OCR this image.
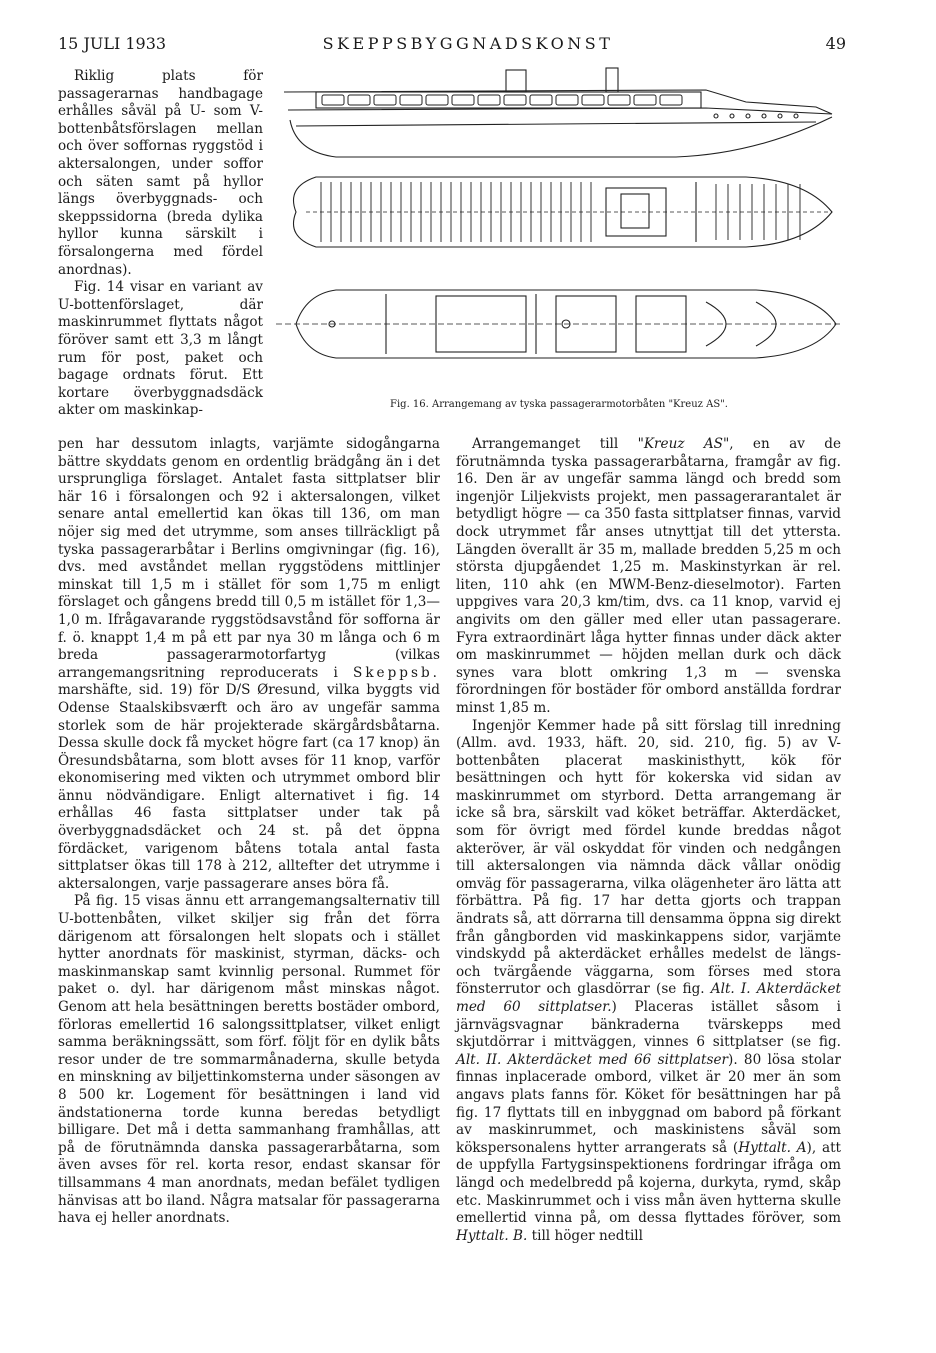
15 JULI 1933	SKEPPSBYGGNADSKONST	49

Riklig plats för passagerarnas handbagage erhålles såväl på U- som V-bottenbåtsförslagen mellan och över soffornas ryggstöd i aktersalongen, under soffor och säten samt på hyllor längs överbyggnads- och skeppssidorna (breda dylika hyllor kunna särskilt i försalongerna med fördel anordnas).

Fig. 14 visar en variant av U-bottenförslaget, där maskinrummet flyttats något föröver samt ett 3,3 m långt rum för post, paket och bagage ordnats förut. Ett kortare överbyggnadsdäck akter om maskinkap-	Fig. 16. Arrangemang av tyska passagerarmotorbåten "Kreuz AS".

pen har dessutom inlagts, varjämte sidogångarna bättre skyddats genom en ordentlig brädgång än i det ursprungliga förslaget. Antalet fasta sittplatser blir här 16 i försalongen och 92 i aktersalongen, vilket senare antal emellertid kan ökas till 136, om man nöjer sig med det utrymme, som anses tillräckligt på tyska passagerarbåtar i Berlins omgivningar (fig. 16), dvs. med avståndet mellan ryggstödens mittlinjer minskat till 1,5 m i stället för som 1,75 m enligt förslaget och gångens bredd till 0,5 m istället för 1,3—1,0 m. Ifrågavarande ryggstödsavstånd för sofforna är f. ö. knappt 1,4 m på ett par nya 30 m långa och 6 m breda passagerarmotorfartyg (vilkas arrangemangsritning reproducerats i Skeppsb. marshäfte, sid. 19) för D/S Øresund, vilka byggts vid Odense Staalskibsværft och äro av ungefär samma storlek som de här projekterade skärgårdsbåtarna. Dessa skulle dock få mycket högre fart (ca 17 knop) än Öresundsbåtarna, som blott avses för 11 knop, varför ekonomisering med vikten och utrymmet ombord blir ännu nödvändigare. Enligt alternativet i fig. 14 erhållas 46 fasta sittplatser under tak på överbyggnadsdäcket och 24 st. på det öppna fördäcket, varigenom båtens totala antal fasta sittplatser ökas till 178 à 212, alltefter det utrymme i aktersalongen, varje passagerare anses böra få.

På fig. 15 visas ännu ett arrangemangsalternativ till U-bottenbåten, vilket skiljer sig från det förra därigenom att försalongen helt slopats och i stället hytter anordnats för maskinist, styrman, däcks- och maskinmanskap samt kvinnlig personal. Rummet för paket o. dyl. har därigenom måst minskas något. Genom att hela besättningen beretts bostäder ombord, förloras emellertid 16 salongssittplatser, vilket enligt samma beräkningssätt, som förf. följt för en dylik båts resor under de tre sommarmånaderna, skulle betyda en minskning av biljettinkomsterna under säsongen av 8 500 kr. Logement för besättningen i land vid ändstationerna torde kunna beredas betydligt billigare. Det må i detta sammanhang framhållas, att på de förutnämnda danska passagerarbåtarna, som även avses för rel. korta resor, endast skansar för tillsammans 4 man anordnats, medan befälet tydligen hänvisas att bo iland. Några matsalar för passagerarna hava ej heller anordnats.

Arrangemanget till "Kreuz AS", en av de förutnämnda tyska passagerarbåtarna, framgår av fig. 16. Den är av ungefär samma längd och bredd som ingenjör Liljekvists projekt, men passagerarantalet är betydligt högre — ca 350 fasta sittplatser finnas, varvid dock utrymmet får anses utnyttjat till det yttersta. Längden överallt är 35 m, mallade bredden 5,25 m och största djupgåendet 1,25 m. Maskinstyrkan är rel. liten, 110 ahk (en MWM-Benz-dieselmotor). Farten uppgives vara 20,3 km/tim, dvs. ca 11 knop, varvid ej angivits om den gäller med eller utan passagerare. Fyra extraordinärt låga hytter finnas under däck akter om maskinrummet — höjden mellan durk och däck synes vara blott omkring 1,3 m — svenska förordningen för bostäder för ombord anställda fordrar minst 1,85 m.

Ingenjör Kemmer hade på sitt förslag till inredning (Allm. avd. 1933, häft. 20, sid. 210, fig. 5) av V-bottenbåten placerat maskinisthytt, kök för besättningen och hytt för kokerska vid sidan av maskinrummet om styrbord. Detta arrangemang är icke så bra, särskilt vad köket beträffar. Akterdäcket, som för övrigt med fördel kunde breddas något akteröver, är väl oskyddat för vinden och nedgången till aktersalongen via nämnda däck vållar onödig omväg för passagerarna, vilka olägenheter äro lätta att förbättra. På fig. 17 har detta gjorts och trappan ändrats så, att dörrarna till densamma öppna sig direkt från gångborden vid maskinkappens sidor, varjämte vindskydd på akterdäcket erhålles medelst de längs- och tvärgående väggarna, som förses med stora fönsterrutor och glasdörrar (se fig. Alt. I. Akterdäcket med 60 sittplatser.) Placeras istället såsom i järnvägsvagnar bänkraderna tvärskepps med skjutdörrar i mittväggen, vinnes 6 sittplatser (se fig. Alt. II. Akterdäcket med 66 sittplatser). 80 lösa stolar finnas inplacerade ombord, vilket är 20 mer än som angavs plats fanns för. Köket för besättningen har på fig. 17 flyttats till en inbyggnad om babord på förkant av maskinrummet, och maskinistens såväl som kökspersonalens hytter arrangerats så (Hyttalt. A), att de uppfylla Fartygsinspektionens fordringar ifråga om längd och medelbredd på kojerna, durkyta, rymd, skåp etc. Maskinrummet och i viss mån även hytterna skulle emellertid vinna på, om dessa flyttades föröver, som Hyttalt. B. till höger nedtill
